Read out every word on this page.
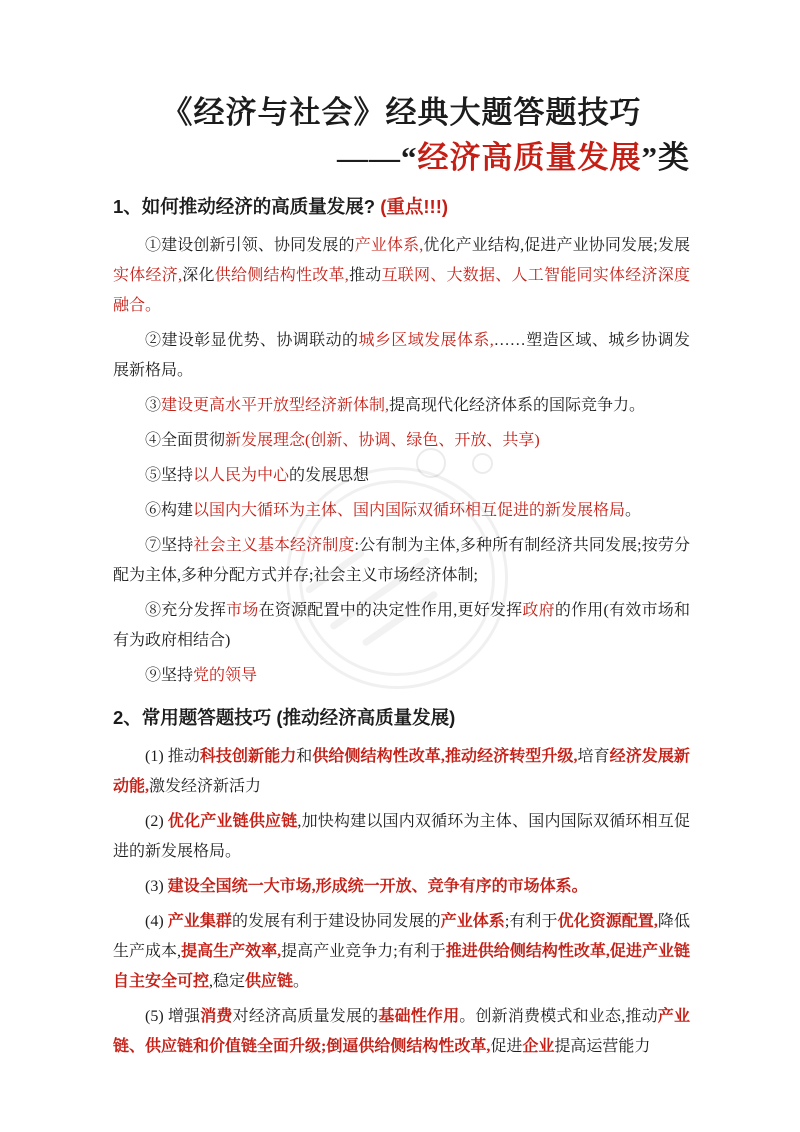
《经济与社会》经典大题答题技巧
——“经济高质量发展”类
1、如何推动经济的高质量发展? (重点!!!)

①建设创新引领、协同发展的产业体系,优化产业结构,促进产业协同发展;发展实体经济,深化供给侧结构性改革,推动互联网、大数据、人工智能同实体经济深度融合。

②建设彰显优势、协调联动的城乡区域发展体系,……塑造区域、城乡协调发展新格局。

③建设更高水平开放型经济新体制,提高现代化经济体系的国际竞争力。

④全面贯彻新发展理念(创新、协调、绿色、开放、共享)

⑤坚持以人民为中心的发展思想

⑥构建以国内大循环为主体、国内国际双循环相互促进的新发展格局。

⑦坚持社会主义基本经济制度:公有制为主体,多种所有制经济共同发展;按劳分配为主体,多种分配方式并存;社会主义市场经济体制;

⑧充分发挥市场在资源配置中的决定性作用,更好发挥政府的作用(有效市场和有为政府相结合)

⑨坚持党的领导

2、常用题答题技巧 (推动经济高质量发展)

(1) 推动科技创新能力和供给侧结构性改革,推动经济转型升级,培育经济发展新动能,激发经济新活力

(2) 优化产业链供应链,加快构建以国内双循环为主体、国内国际双循环相互促进的新发展格局。

(3) 建设全国统一大市场,形成统一开放、竞争有序的市场体系。

(4) 产业集群的发展有利于建设协同发展的产业体系;有利于优化资源配置,降低生产成本,提高生产效率,提高产业竞争力;有利于推进供给侧结构性改革,促进产业链自主安全可控,稳定供应链。

(5) 增强消费对经济高质量发展的基础性作用。创新消费模式和业态,推动产业链、供应链和价值链全面升级;倒逼供给侧结构性改革,促进企业提高运营能力
